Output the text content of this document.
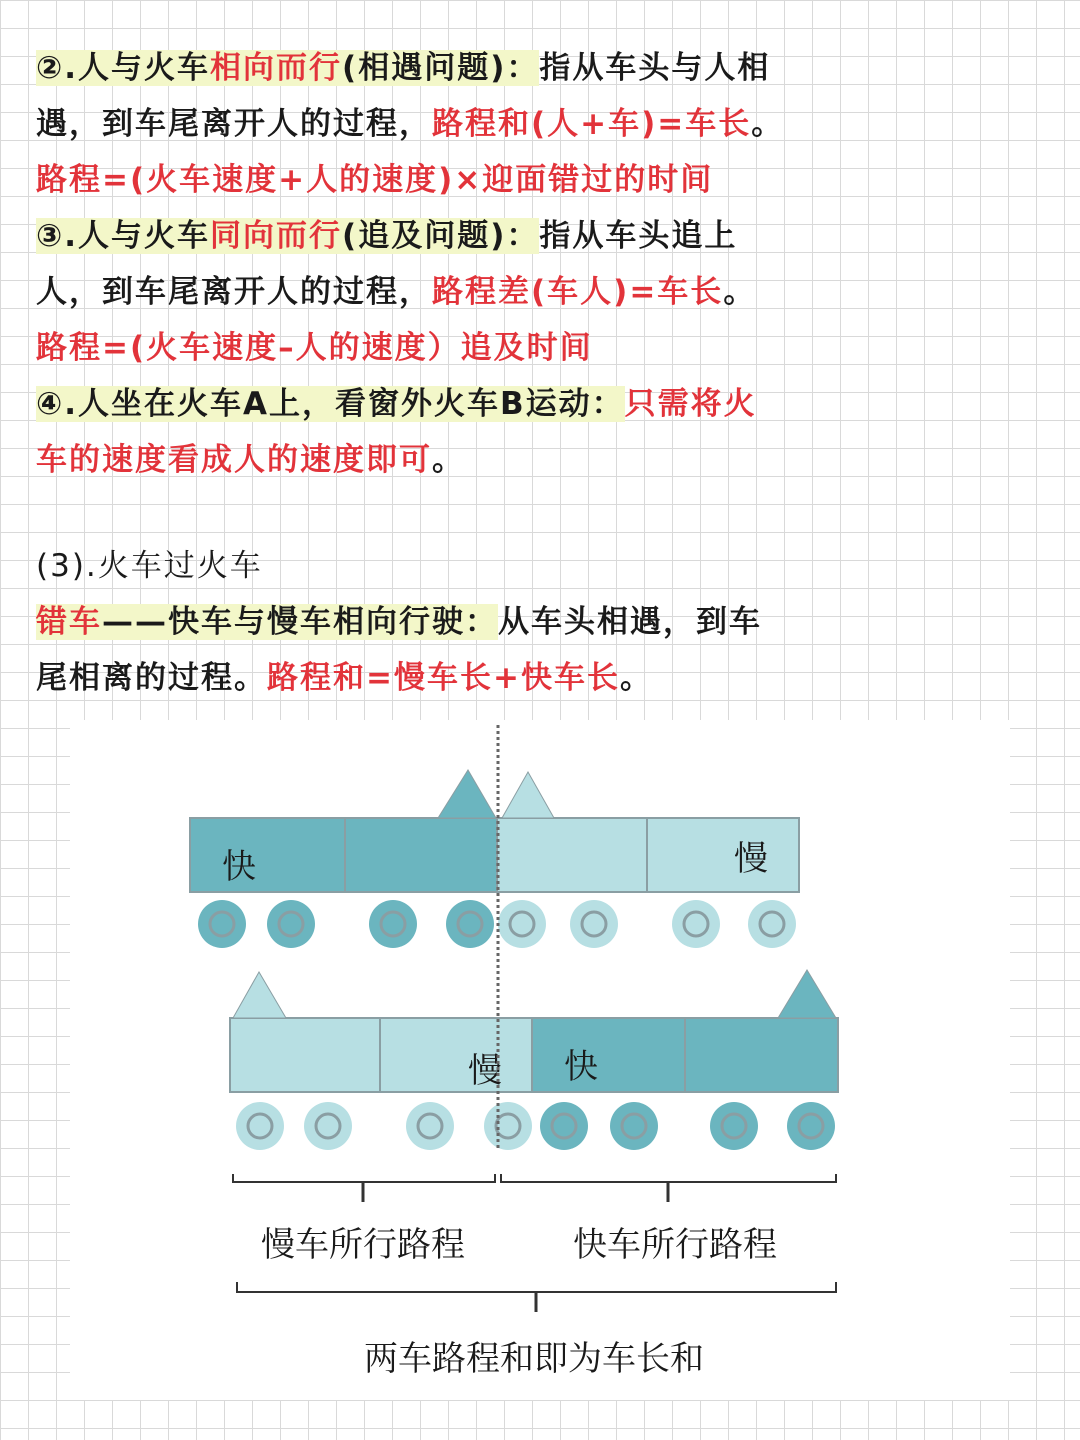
②.人与火车相向而行(相遇问题)：指从车头与人相
遇，到车尾离开人的过程，路程和(人+车)=车长。
路程=(火车速度+人的速度)×迎面错过的时间
③.人与火车同向而行(追及问题)：指从车头追上
人，到车尾离开人的过程，路程差(车人)=车长。
路程=(火车速度–人的速度）追及时间
④.人坐在火车A上，看窗外火车B运动：只需将火
车的速度看成人的速度即可。
(3).火车过火车
错车——快车与慢车相向行驶：从车头相遇，到车
尾相离的过程。路程和=慢车长+快车长。
快	慢
慢 快
慢车所行路程	快车所行路程
两车路程和即为车长和
